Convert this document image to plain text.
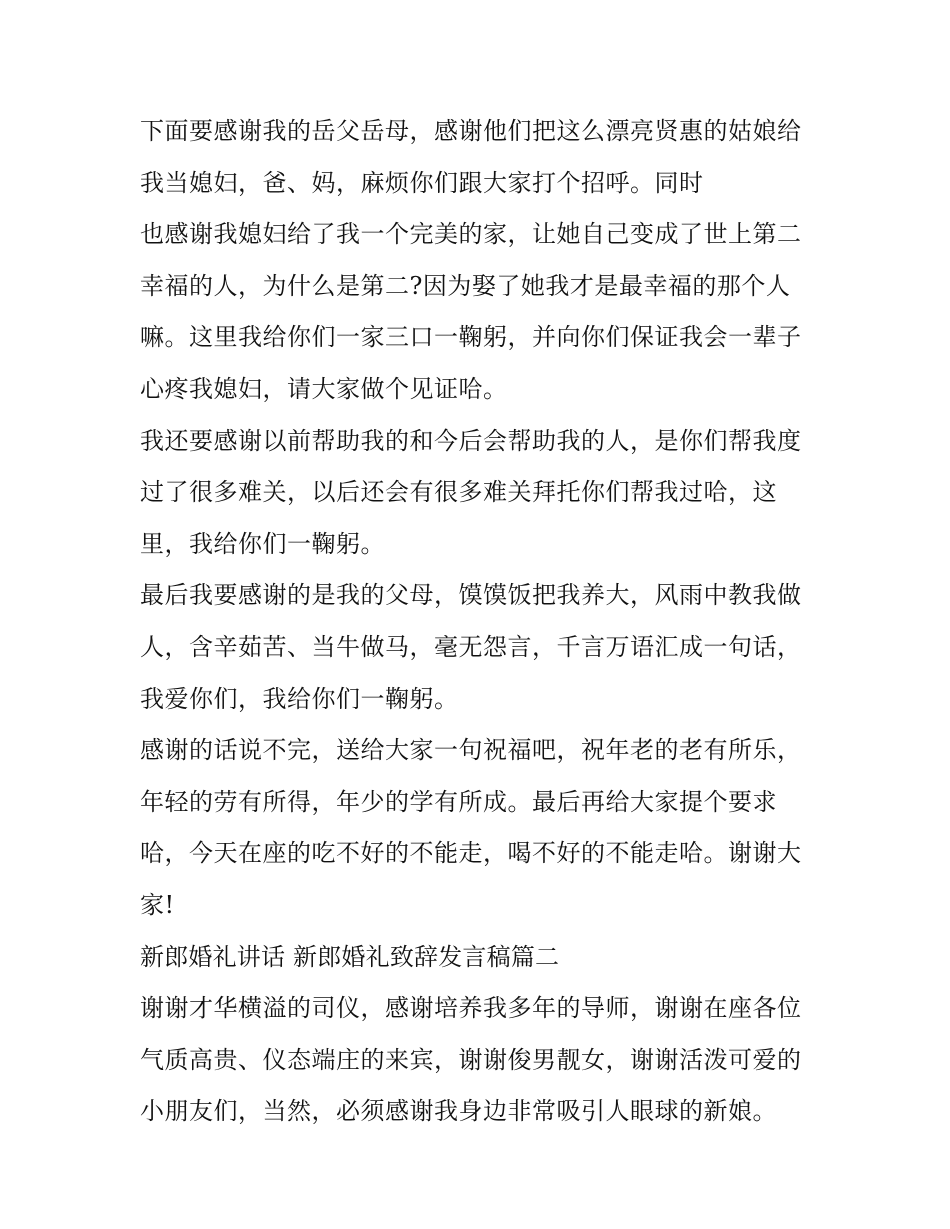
下面要感谢我的岳父岳母，感谢他们把这么漂亮贤惠的姑娘给
我当媳妇，爸、妈，麻烦你们跟大家打个招呼。同时
也感谢我媳妇给了我一个完美的家，让她自己变成了世上第二
幸福的人，为什么是第二?因为娶了她我才是最幸福的那个人
嘛。这里我给你们一家三口一鞠躬，并向你们保证我会一辈子
心疼我媳妇，请大家做个见证哈。
我还要感谢以前帮助我的和今后会帮助我的人，是你们帮我度
过了很多难关，以后还会有很多难关拜托你们帮我过哈，这
里，我给你们一鞠躬。
最后我要感谢的是我的父母，馍馍饭把我养大，风雨中教我做
人，含辛茹苦、当牛做马，毫无怨言，千言万语汇成一句话，
我爱你们，我给你们一鞠躬。
感谢的话说不完，送给大家一句祝福吧，祝年老的老有所乐，
年轻的劳有所得，年少的学有所成。最后再给大家提个要求
哈，今天在座的吃不好的不能走，喝不好的不能走哈。谢谢大
家!
新郎婚礼讲话 新郎婚礼致辞发言稿篇二
谢谢才华横溢的司仪，感谢培养我多年的导师，谢谢在座各位
气质高贵、仪态端庄的来宾，谢谢俊男靓女，谢谢活泼可爱的
小朋友们，当然，必须感谢我身边非常吸引人眼球的新娘。
